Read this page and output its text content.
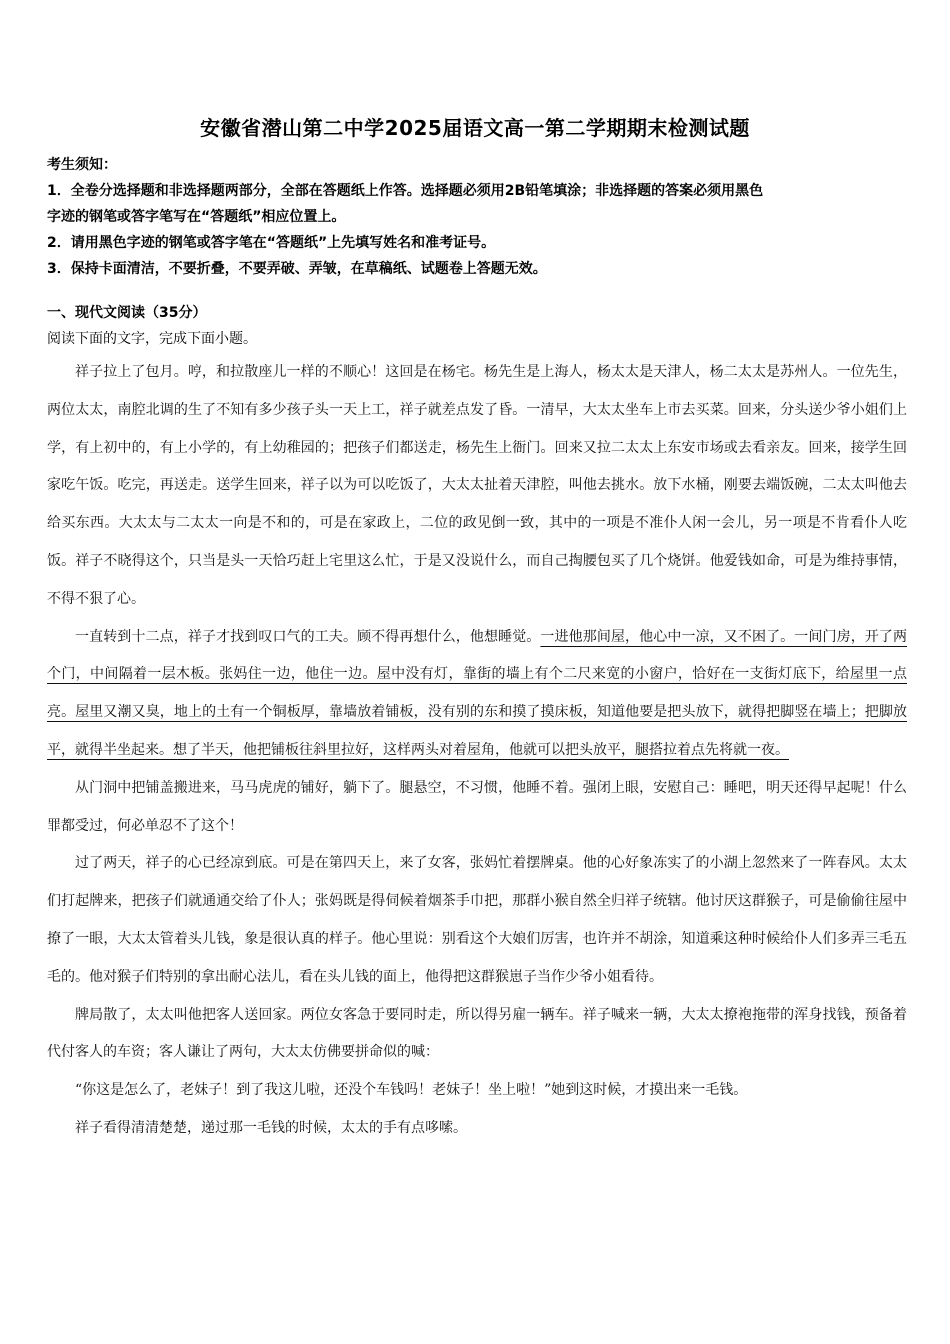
安徽省潜山第二中学2025届语文高一第二学期期末检测试题
考生须知：
1．全卷分选择题和非选择题两部分，全部在答题纸上作答。选择题必须用2B铅笔填涂；非选择题的答案必须用黑色
字迹的钢笔或答字笔写在“答题纸”相应位置上。
2．请用黑色字迹的钢笔或答字笔在“答题纸”上先填写姓名和准考证号。
3．保持卡面清洁，不要折叠，不要弄破、弄皱，在草稿纸、试题卷上答题无效。
一、现代文阅读（35分）
阅读下面的文字，完成下面小题。

祥子拉上了包月。哼，和拉散座儿一样的不顺心！这回是在杨宅。杨先生是上海人，杨太太是天津人，杨二太太是苏州人。一位先生，两位太太，南腔北调的生了不知有多少孩子头一天上工，祥子就差点发了昏。一清早，大太太坐车上市去买菜。回来，分头送少爷小姐们上学，有上初中的，有上小学的，有上幼稚园的；把孩子们都送走，杨先生上衙门。回来又拉二太太上东安市场或去看亲友。回来，接学生回家吃午饭。吃完，再送走。送学生回来，祥子以为可以吃饭了，大太太扯着天津腔，叫他去挑水。放下水桶，刚要去端饭碗，二太太叫他去给买东西。大太太与二太太一向是不和的，可是在家政上，二位的政见倒一致，其中的一项是不准仆人闲一会儿，另一项是不肯看仆人吃饭。祥子不晓得这个，只当是头一天恰巧赶上宅里这么忙，于是又没说什么，而自己掏腰包买了几个烧饼。他爱钱如命，可是为维持事情，不得不狠了心。

一直转到十二点，祥子才找到叹口气的工夫。顾不得再想什么，他想睡觉。一进他那间屋，他心中一凉，又不困了。一间门房，开了两个门，中间隔着一层木板。张妈住一边，他住一边。屋中没有灯，靠街的墙上有个二尺来宽的小窗户，恰好在一支街灯底下，给屋里一点亮。屋里又潮又臭，地上的土有一个铜板厚，靠墙放着铺板，没有别的东和摸了摸床板，知道他要是把头放下，就得把脚竖在墙上；把脚放平，就得半坐起来。想了半天，他把铺板往斜里拉好，这样两头对着屋角，他就可以把头放平，腿搭拉着点先将就一夜。

从门洞中把铺盖搬进来，马马虎虎的铺好，躺下了。腿悬空，不习惯，他睡不着。强闭上眼，安慰自己：睡吧，明天还得早起呢！什么罪都受过，何必单忍不了这个！

过了两天，祥子的心已经凉到底。可是在第四天上，来了女客，张妈忙着摆牌桌。他的心好象冻实了的小湖上忽然来了一阵春风。太太们打起牌来，把孩子们就通通交给了仆人；张妈既是得伺候着烟茶手巾把，那群小猴自然全归祥子统辖。他讨厌这群猴子，可是偷偷往屋中撩了一眼，大太太管着头儿钱，象是很认真的样子。他心里说：别看这个大娘们厉害，也许并不胡涂，知道乘这种时候给仆人们多弄三毛五毛的。他对猴子们特别的拿出耐心法儿，看在头儿钱的面上，他得把这群猴崽子当作少爷小姐看待。

牌局散了，太太叫他把客人送回家。两位女客急于要同时走，所以得另雇一辆车。祥子喊来一辆，大太太撩袍拖带的浑身找钱，预备着代付客人的车资；客人谦让了两句，大太太仿佛要拼命似的喊：

“你这是怎么了，老妹子！到了我这儿啦，还没个车钱吗！老妹子！坐上啦！”她到这时候，才摸出来一毛钱。

祥子看得清清楚楚，递过那一毛钱的时候，太太的手有点哆嗦。
